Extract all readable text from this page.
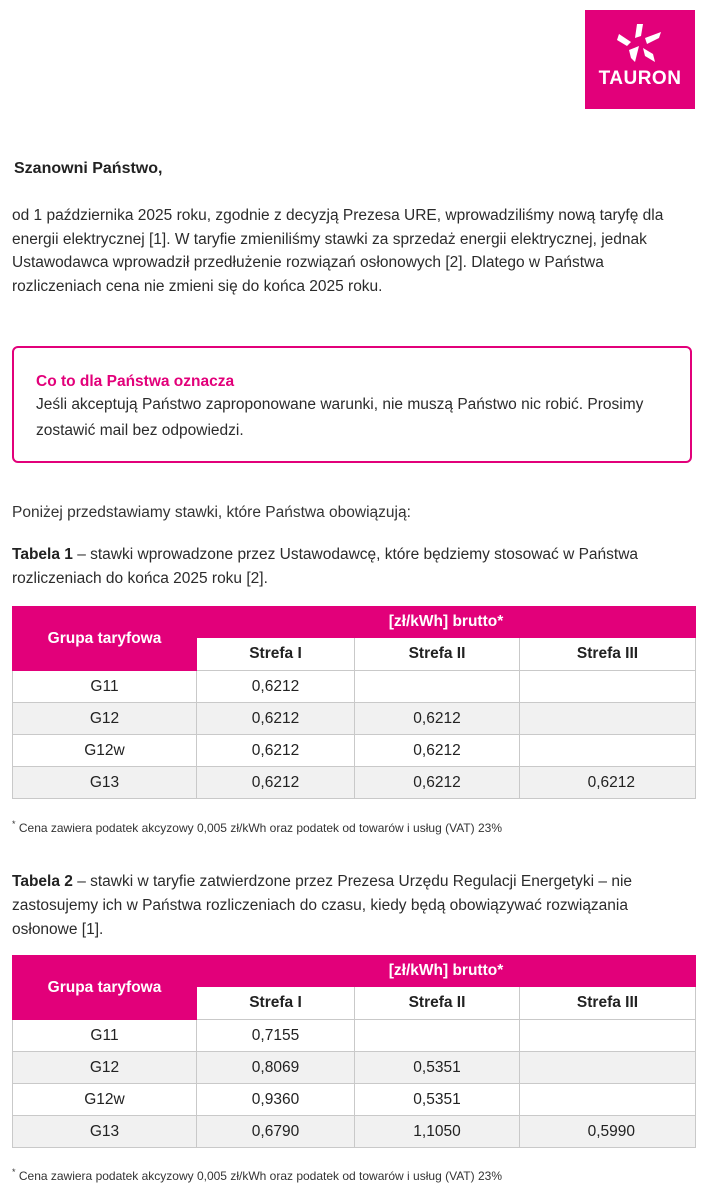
TAURON
Szanowni Państwo,
od 1 października 2025 roku, zgodnie z decyzją Prezesa URE, wprowadziliśmy nową taryfę dla energii elektrycznej [1]. W taryfie zmieniliśmy stawki za sprzedaż energii elektrycznej, jednak Ustawodawca wprowadził przedłużenie rozwiązań osłonowych [2]. Dlatego w Państwa rozliczeniach cena nie zmieni się do końca 2025 roku.
Co to dla Państwa oznacza
Jeśli akceptują Państwo zaproponowane warunki, nie muszą Państwo nic robić. Prosimy zostawić mail bez odpowiedzi.
Poniżej przedstawiamy stawki, które Państwa obowiązują:
Tabela 1 – stawki wprowadzone przez Ustawodawcę, które będziemy stosować w Państwa rozliczeniach do końca 2025 roku [2].
Grupa taryfowa	[zł/kWh] brutto*		
	Strefa I	Strefa II	Strefa III
G11	0,6212		
G12	0,6212	0,6212	
G12w	0,6212	0,6212	
G13	0,6212	0,6212	0,6212
* Cena zawiera podatek akcyzowy 0,005 zł/kWh oraz podatek od towarów i usług (VAT) 23%
Tabela 2 – stawki w taryfie zatwierdzone przez Prezesa Urzędu Regulacji Energetyki – nie zastosujemy ich w Państwa rozliczeniach do czasu, kiedy będą obowiązywać rozwiązania osłonowe [1].
Grupa taryfowa	[zł/kWh] brutto*		
	Strefa I	Strefa II	Strefa III
G11	0,7155		
G12	0,8069	0,5351	
G12w	0,9360	0,5351	
G13	0,6790	1,1050	0,5990
* Cena zawiera podatek akcyzowy 0,005 zł/kWh oraz podatek od towarów i usług (VAT) 23%
